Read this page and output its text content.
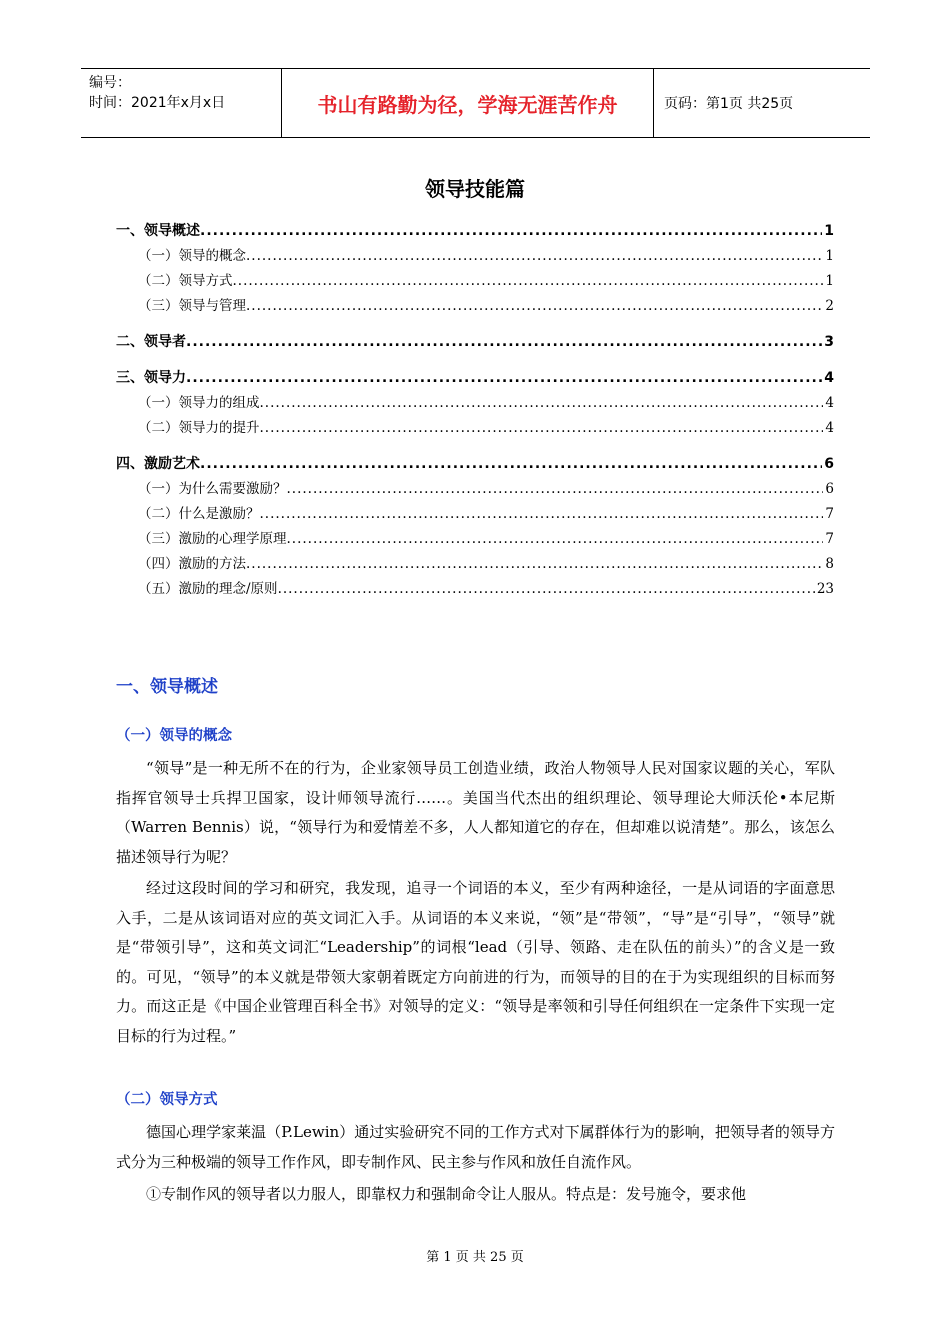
编号：
时间：2021年x月x日	书山有路勤为径，学海无涯苦作舟	页码：第1页 共25页
领导技能篇
一、领导概述 .....	1
（一）领导的概念 .....	1
（二）领导方式 .....	1
（三）领导与管理 .....	2
二、领导者 .....	3
三、领导力 .....	4
（一）领导力的组成 .....	4
（二）领导力的提升 .....	4
四、激励艺术 .....	6
（一）为什么需要激励？ .....	6
（二）什么是激励？ .....	7
（三）激励的心理学原理 .....	7
（四）激励的方法 .....	8
（五）激励的理念/原则 .....	23
一、领导概述
（一）领导的概念

“领导”是一种无所不在的行为，企业家领导员工创造业绩，政治人物领导人民对国家议题的关心，军队指挥官领导士兵捍卫国家，设计师领导流行……。美国当代杰出的组织理论、领导理论大师沃伦•本尼斯（Warren Bennis）说，“领导行为和爱情差不多，人人都知道它的存在，但却难以说清楚”。那么，该怎么描述领导行为呢？

经过这段时间的学习和研究，我发现，追寻一个词语的本义，至少有两种途径，一是从词语的字面意思入手，二是从该词语对应的英文词汇入手。从词语的本义来说，“领”是“带领”，“导”是“引导”，“领导”就是“带领引导”，这和英文词汇“Leadership”的词根“lead（引导、领路、走在队伍的前头）”的含义是一致的。可见，“领导”的本义就是带领大家朝着既定方向前进的行为，而领导的目的在于为实现组织的目标而努力。而这正是《中国企业管理百科全书》对领导的定义：“领导是率领和引导任何组织在一定条件下实现一定目标的行为过程。”

（二）领导方式

德国心理学家莱温（P.Lewin）通过实验研究不同的工作方式对下属群体行为的影响，把领导者的领导方式分为三种极端的领导工作作风，即专制作风、民主参与作风和放任自流作风。

①专制作风的领导者以力服人，即靠权力和强制命令让人服从。特点是：发号施令，要求他

第 1 页 共 25 页
